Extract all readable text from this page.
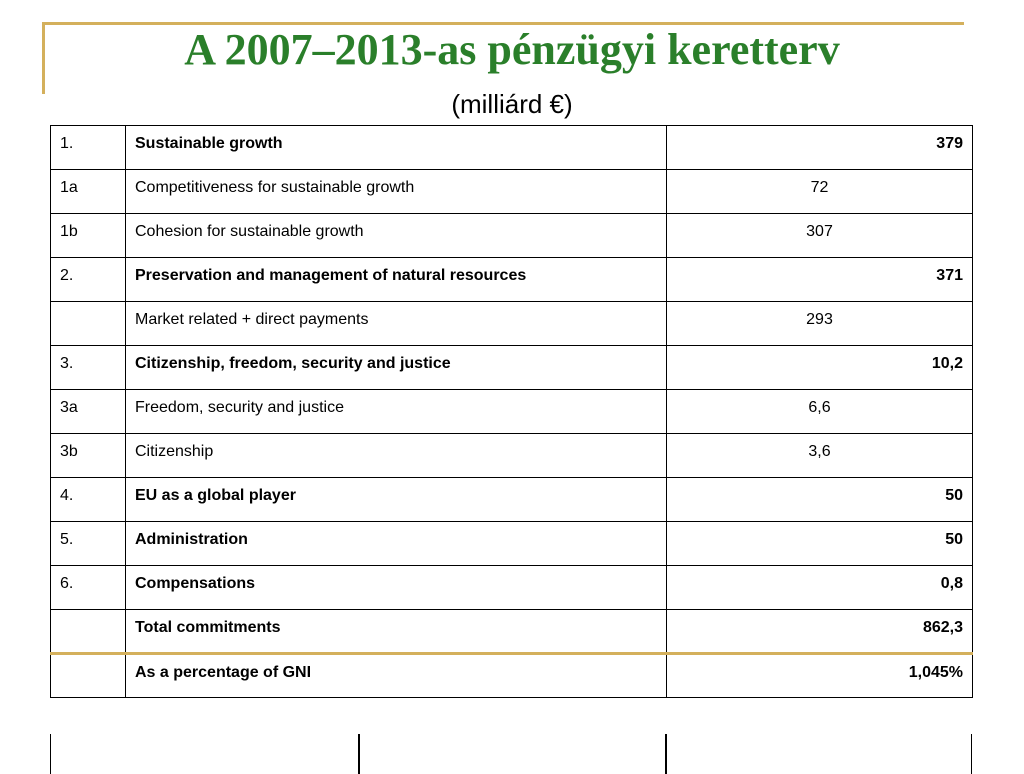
A 2007–2013-as pénzügyi keretterv
(milliárd €)
1.	Sustainable growth	379
1a	Competitiveness for sustainable growth	72
1b	Cohesion for sustainable growth	307
2.	Preservation and management of natural resources	371
	Market related + direct payments	293
3.	Citizenship, freedom, security and justice	10,2
3a	Freedom, security and justice	6,6
3b	Citizenship	3,6
4.	EU as a global player	50
5.	Administration	50
6.	Compensations	0,8
	Total commitments	862,3
	As a percentage of GNI	1,045%
